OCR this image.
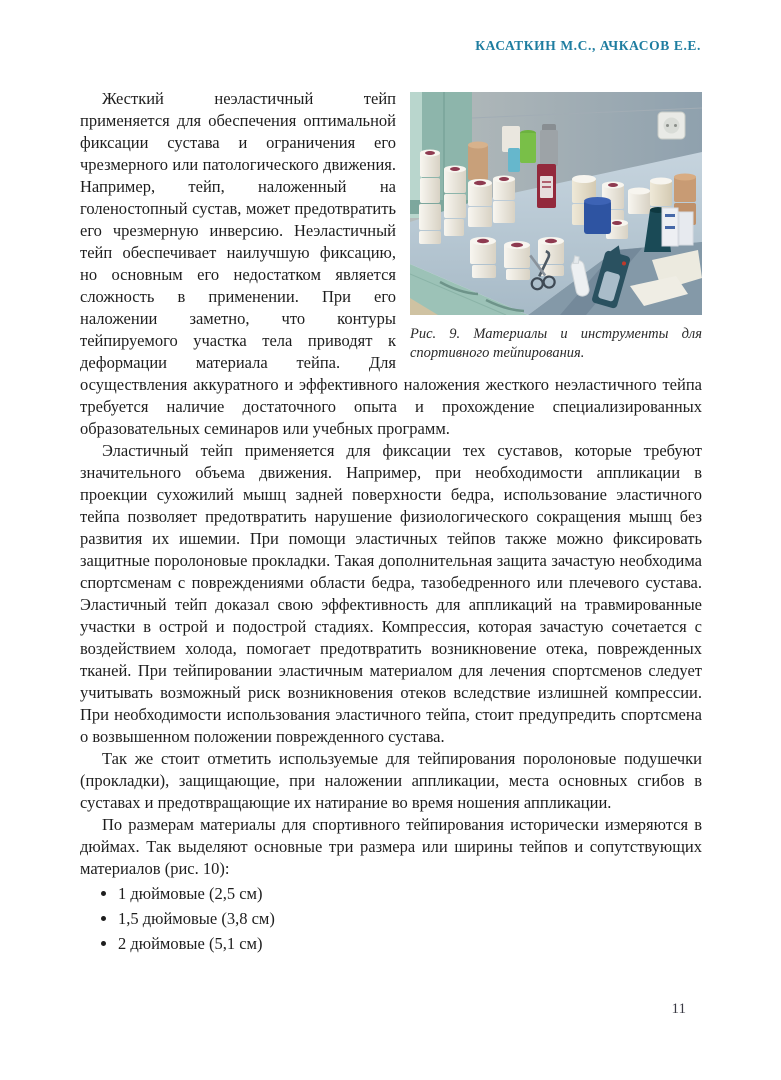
КАСАТКИН М.С., АЧКАСОВ Е.Е.
Рис. 9. Материалы и инструменты для спортивного тейпирования.

Жесткий неэластичный тейп применяется для обеспечения оптимальной фиксации сустава и ограничения его чрезмерного или патологического движения. Например, тейп, наложенный на голеностопный сустав, может предотвратить его чрезмерную инверсию. Неэластичный тейп обеспечивает наилучшую фиксацию, но основным его недостатком является сложность в применении. При его наложении заметно, что контуры тейпируемого участка тела приводят к деформации материала тейпа. Для осуществления аккуратного и эффективного наложения жесткого неэластичного тейпа требуется наличие достаточного опыта и прохождение специализированных образовательных семинаров или учебных программ.

Эластичный тейп применяется для фиксации тех суставов, которые требуют значительного объема движения. Например, при необходимости аппликации в проекции сухожилий мышц задней поверхности бедра, использование эластичного тейпа позволяет предотвратить нарушение физиологического сокращения мышц без развития их ишемии. При помощи эластичных тейпов также можно фиксировать защитные поролоновые прокладки. Такая дополнительная защита зачастую необходима спортсменам с повреждениями области бедра, тазобедренного или плечевого сустава. Эластичный тейп доказал свою эффективность для аппликаций на травмированные участки в острой и подострой стадиях. Компрессия, которая зачастую сочетается с воздействием холода, помогает предотвратить возникновение отека, поврежденных тканей. При тейпировании эластичным материалом для лечения спортсменов следует учитывать возможный риск возникновения отеков вследствие излишней компрессии. При необходимости использования эластичного тейпа, стоит предупредить спортсмена о возвышенном положении поврежденного сустава.

Так же стоит отметить используемые для тейпирования поролоновые подушечки (прокладки), защищающие, при наложении аппликации, места основных сгибов в суставах и предотвращающие их натирание во время ношения аппликации.

По размерам материалы для спортивного тейпирования исторически измеряются в дюймах. Так выделяют основные три размера или ширины тейпов и сопутствующих материалов (рис. 10):

• 1 дюймовые (2,5 см)
• 1,5 дюймовые (3,8 см)
• 2 дюймовые (5,1 см)
11
